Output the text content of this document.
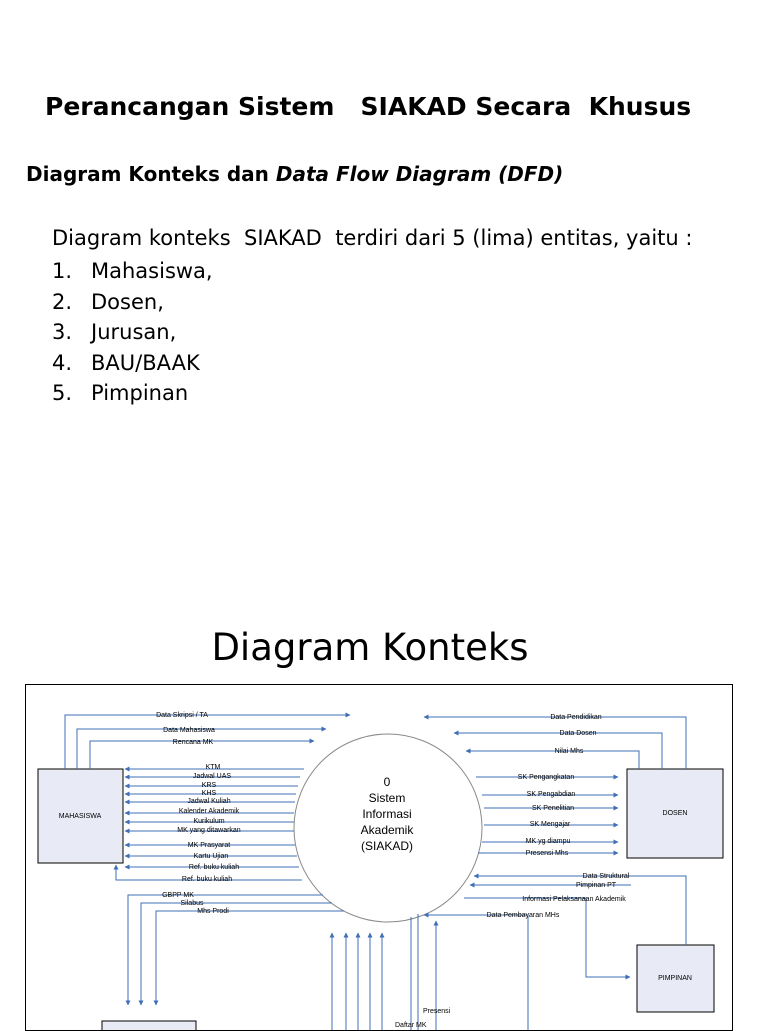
Perancangan Sistem   SIAKAD Secara  Khusus

Diagram Konteks dan Data Flow Diagram (DFD)

Diagram konteks  SIAKAD  terdiri dari 5 (lima) entitas, yaitu :

1. Mahasiswa,
2. Dosen,
3. Jurusan,
4. BAU/BAAK
5. Pimpinan
Diagram Konteks
MAHASISWA	DOSEN
PIMPINAN
0
Sistem
Informasi
Akademik
(SIAKAD)
Data Skripsi / TA
Data Mahasiswa
Rencana MK
KTM
Jadwal UAS
KRS
KHS
Jadwal Kuliah
Kalender Akademik
Kurikulum
MK yang ditawarkan
MK Prasyarat
Kartu Ujian
Ref. buku kuliah
Ref. buku kuliah
Data Pendidikan
Data Dosen
Nilai Mhs
SK Pengangkatan
SK Pengabdian
SK Penelitian
SK Mengajar
MK yg diampu
Presensi Mhs
Data Struktural
Pimpinan PT
Informasi Pelaksanaan Akademik
Data Pembayaran MHs
GBPP MK
Silabus
Mhs Prodi
Presensi
Daftar MK
